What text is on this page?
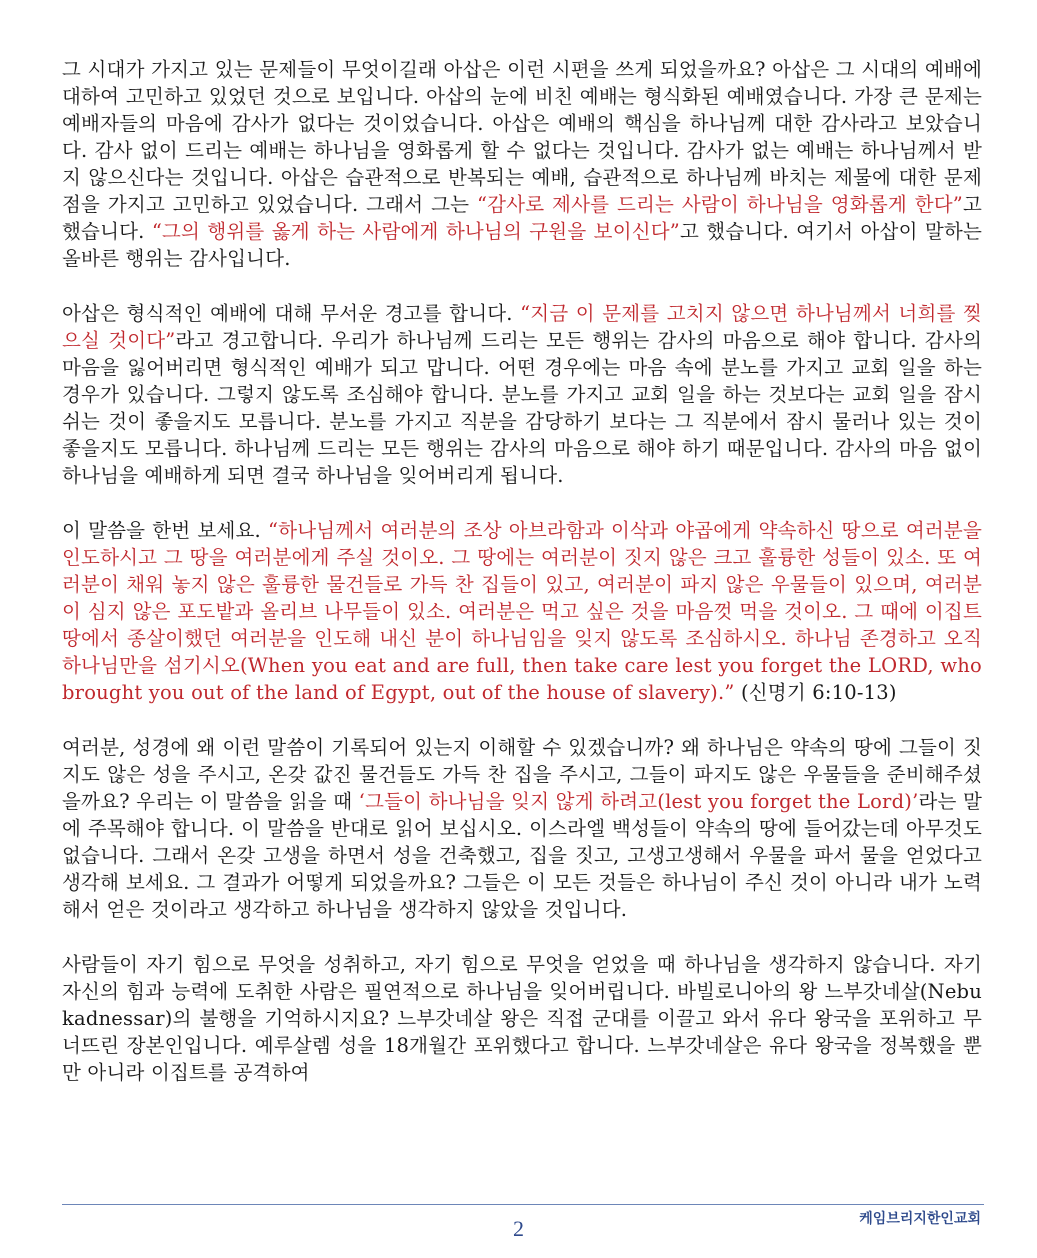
그 시대가 가지고 있는 문제들이 무엇이길래 아삽은 이런 시편을 쓰게 되었을까요? 아삽은 그 시대의 예배에 대하여 고민하고 있었던 것으로 보입니다. 아삽의 눈에 비친 예배는 형식화된 예배였습니다. 가장 큰 문제는 예배자들의 마음에 감사가 없다는 것이었습니다. 아삽은 예배의 핵심을 하나님께 대한 감사라고 보았습니다. 감사 없이 드리는 예배는 하나님을 영화롭게 할 수 없다는 것입니다. 감사가 없는 예배는 하나님께서 받지 않으신다는 것입니다. 아삽은 습관적으로 반복되는 예배, 습관적으로 하나님께 바치는 제물에 대한 문제점을 가지고 고민하고 있었습니다. 그래서 그는 “감사로 제사를 드리는 사람이 하나님을 영화롭게 한다”고 했습니다. “그의 행위를 옳게 하는 사람에게 하나님의 구원을 보이신다”고 했습니다. 여기서 아삽이 말하는 올바른 행위는 감사입니다.

아삽은 형식적인 예배에 대해 무서운 경고를 합니다. “지금 이 문제를 고치지 않으면 하나님께서 너희를 찢으실 것이다”라고 경고합니다. 우리가 하나님께 드리는 모든 행위는 감사의 마음으로 해야 합니다. 감사의 마음을 잃어버리면 형식적인 예배가 되고 맙니다. 어떤 경우에는 마음 속에 분노를 가지고 교회 일을 하는 경우가 있습니다. 그렇지 않도록 조심해야 합니다. 분노를 가지고 교회 일을 하는 것보다는 교회 일을 잠시 쉬는 것이 좋을지도 모릅니다. 분노를 가지고 직분을 감당하기 보다는 그 직분에서 잠시 물러나 있는 것이 좋을지도 모릅니다. 하나님께 드리는 모든 행위는 감사의 마음으로 해야 하기 때문입니다. 감사의 마음 없이 하나님을 예배하게 되면 결국 하나님을 잊어버리게 됩니다.

이 말씀을 한번 보세요. “하나님께서 여러분의 조상 아브라함과 이삭과 야곱에게 약속하신 땅으로 여러분을 인도하시고 그 땅을 여러분에게 주실 것이오. 그 땅에는 여러분이 짓지 않은 크고 훌륭한 성들이 있소. 또 여러분이 채워 놓지 않은 훌륭한 물건들로 가득 찬 집들이 있고, 여러분이 파지 않은 우물들이 있으며, 여러분이 심지 않은 포도밭과 올리브 나무들이 있소. 여러분은 먹고 싶은 것을 마음껏 먹을 것이오. 그 때에 이집트 땅에서 종살이했던 여러분을 인도해 내신 분이 하나님임을 잊지 않도록 조심하시오. 하나님 존경하고 오직 하나님만을 섬기시오(When you eat and are full, then take care lest you forget the LORD, who brought you out of the land of Egypt, out of the house of slavery).” (신명기 6:10-13)

여러분, 성경에 왜 이런 말씀이 기록되어 있는지 이해할 수 있겠습니까? 왜 하나님은 약속의 땅에 그들이 짓지도 않은 성을 주시고, 온갖 값진 물건들도 가득 찬 집을 주시고, 그들이 파지도 않은 우물들을 준비해주셨을까요? 우리는 이 말씀을 읽을 때 ‘그들이 하나님을 잊지 않게 하려고(lest you forget the Lord)’라는 말에 주목해야 합니다. 이 말씀을 반대로 읽어 보십시오. 이스라엘 백성들이 약속의 땅에 들어갔는데 아무것도 없습니다. 그래서 온갖 고생을 하면서 성을 건축했고, 집을 짓고, 고생고생해서 우물을 파서 물을 얻었다고 생각해 보세요. 그 결과가 어떻게 되었을까요? 그들은 이 모든 것들은 하나님이 주신 것이 아니라 내가 노력해서 얻은 것이라고 생각하고 하나님을 생각하지 않았을 것입니다.

사람들이 자기 힘으로 무엇을 성취하고, 자기 힘으로 무엇을 얻었을 때 하나님을 생각하지 않습니다. 자기 자신의 힘과 능력에 도취한 사람은 필연적으로 하나님을 잊어버립니다. 바빌로니아의 왕 느부갓네살(Nebukadnessar)의 불행을 기억하시지요? 느부갓네살 왕은 직접 군대를 이끌고 와서 유다 왕국을 포위하고 무너뜨린 장본인입니다. 예루살렘 성을 18개월간 포위했다고 합니다. 느부갓네살은 유다 왕국을 정복했을 뿐만 아니라 이집트를 공격하여

2	케임브리지한인교회
